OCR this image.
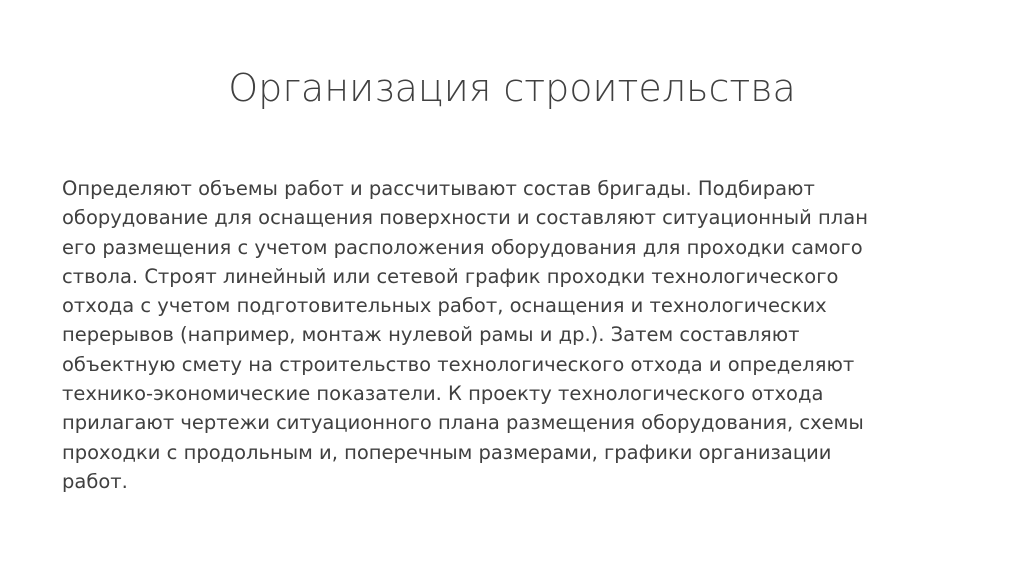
Организация строительства
Определяют объемы работ и рассчитывают состав бригады. Подбирают
оборудование для оснащения поверхности и составляют ситуационный план
его размещения с учетом расположения оборудования для проходки самого
ствола. Строят линейный или сетевой график проходки технологического
отхода с учетом подготовительных работ, оснащения и технологических
перерывов (например, монтаж нулевой рамы и др.). Затем составляют
объектную смету на строительство технологического отхода и определяют
технико-экономические показатели. К проекту технологического отхода
прилагают чертежи ситуационного плана размещения оборудования, схемы
проходки с продольным и, поперечным размерами, графики организации
работ.
